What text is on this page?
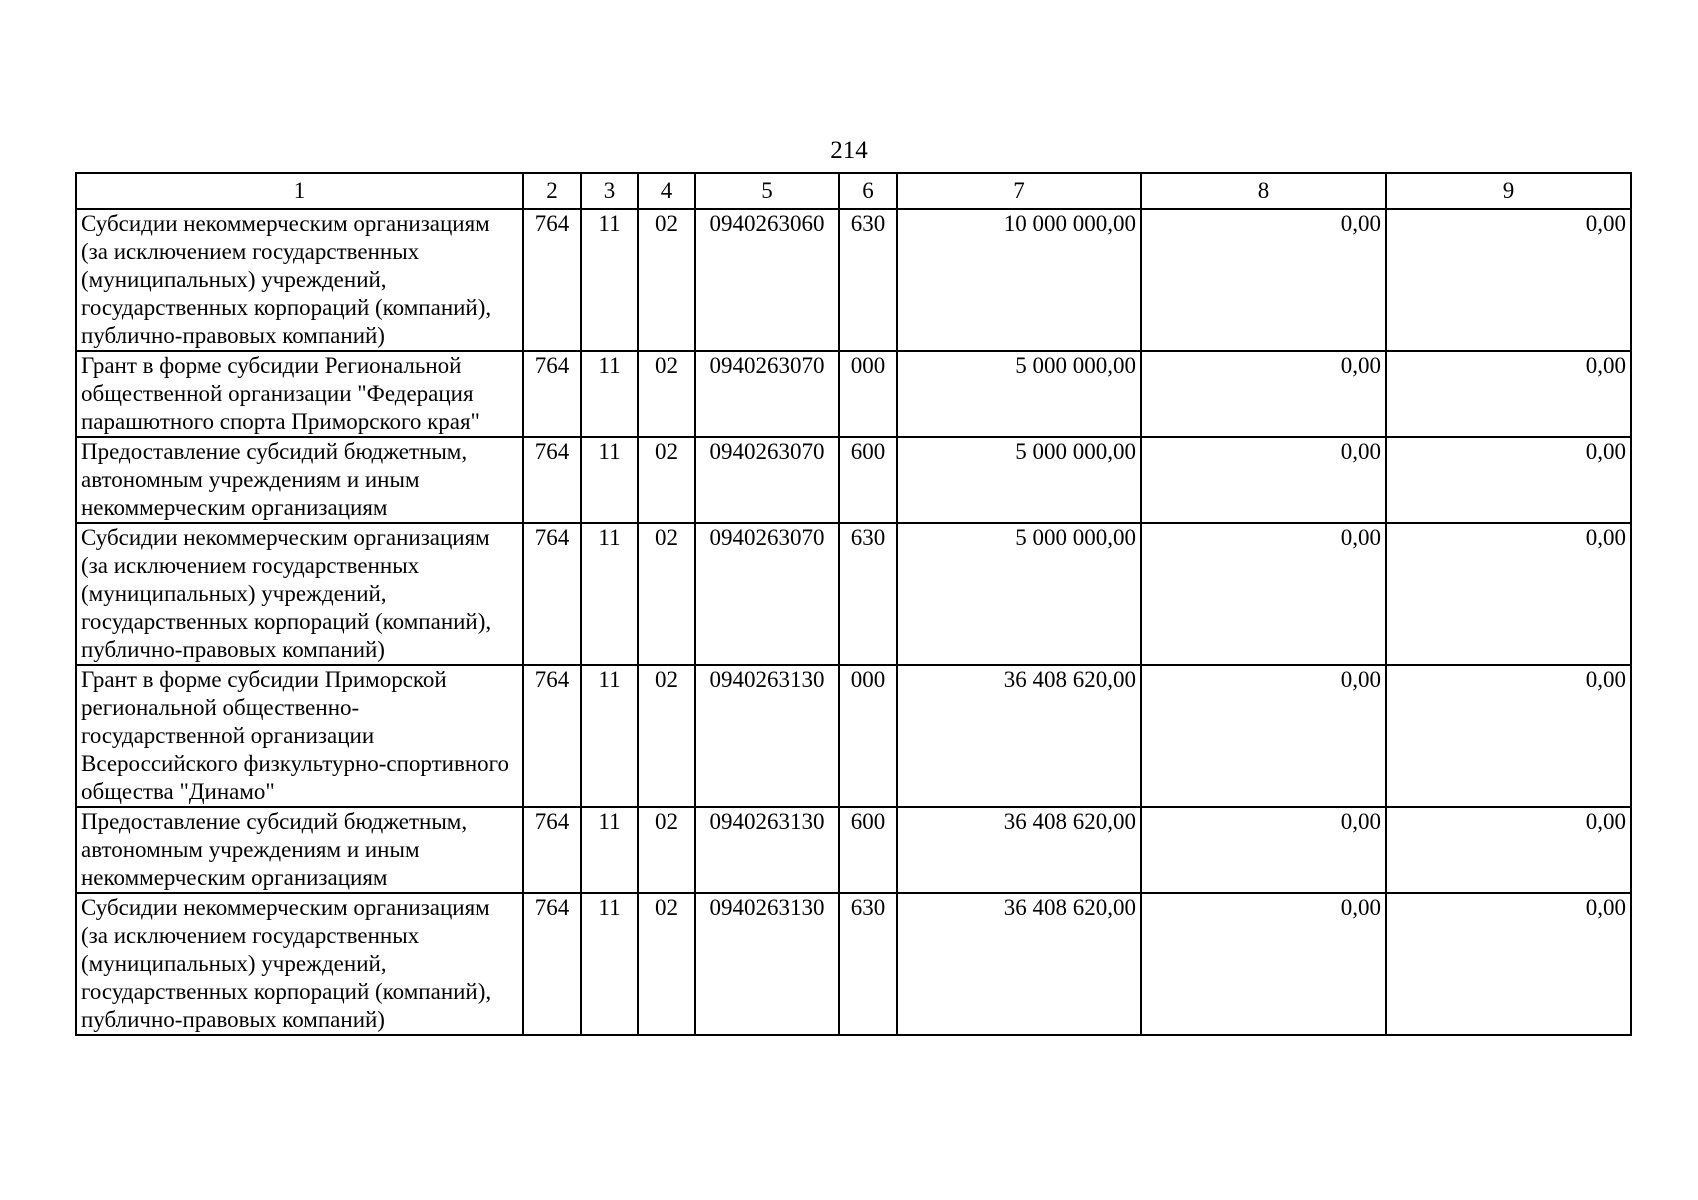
214
1	2	3	4	5	6	7	8	9
Субсидии некоммерческим организациям (за исключением государственных (муниципальных) учреждений, государственных корпораций (компаний), публично-правовых компаний)	764	11	02	0940263060	630	10 000 000,00	0,00	0,00
Грант в форме субсидии Региональной общественной организации "Федерация парашютного спорта Приморского края"	764	11	02	0940263070	000	5 000 000,00	0,00	0,00
Предоставление субсидий бюджетным, автономным учреждениям и иным некоммерческим организациям	764	11	02	0940263070	600	5 000 000,00	0,00	0,00
Субсидии некоммерческим организациям (за исключением государственных (муниципальных) учреждений, государственных корпораций (компаний), публично-правовых компаний)	764	11	02	0940263070	630	5 000 000,00	0,00	0,00
Грант в форме субсидии Приморской региональной общественно-государственной организации Всероссийского физкультурно-спортивного общества "Динамо"	764	11	02	0940263130	000	36 408 620,00	0,00	0,00
Предоставление субсидий бюджетным, автономным учреждениям и иным некоммерческим организациям	764	11	02	0940263130	600	36 408 620,00	0,00	0,00
Субсидии некоммерческим организациям (за исключением государственных (муниципальных) учреждений, государственных корпораций (компаний), публично-правовых компаний)	764	11	02	0940263130	630	36 408 620,00	0,00	0,00
